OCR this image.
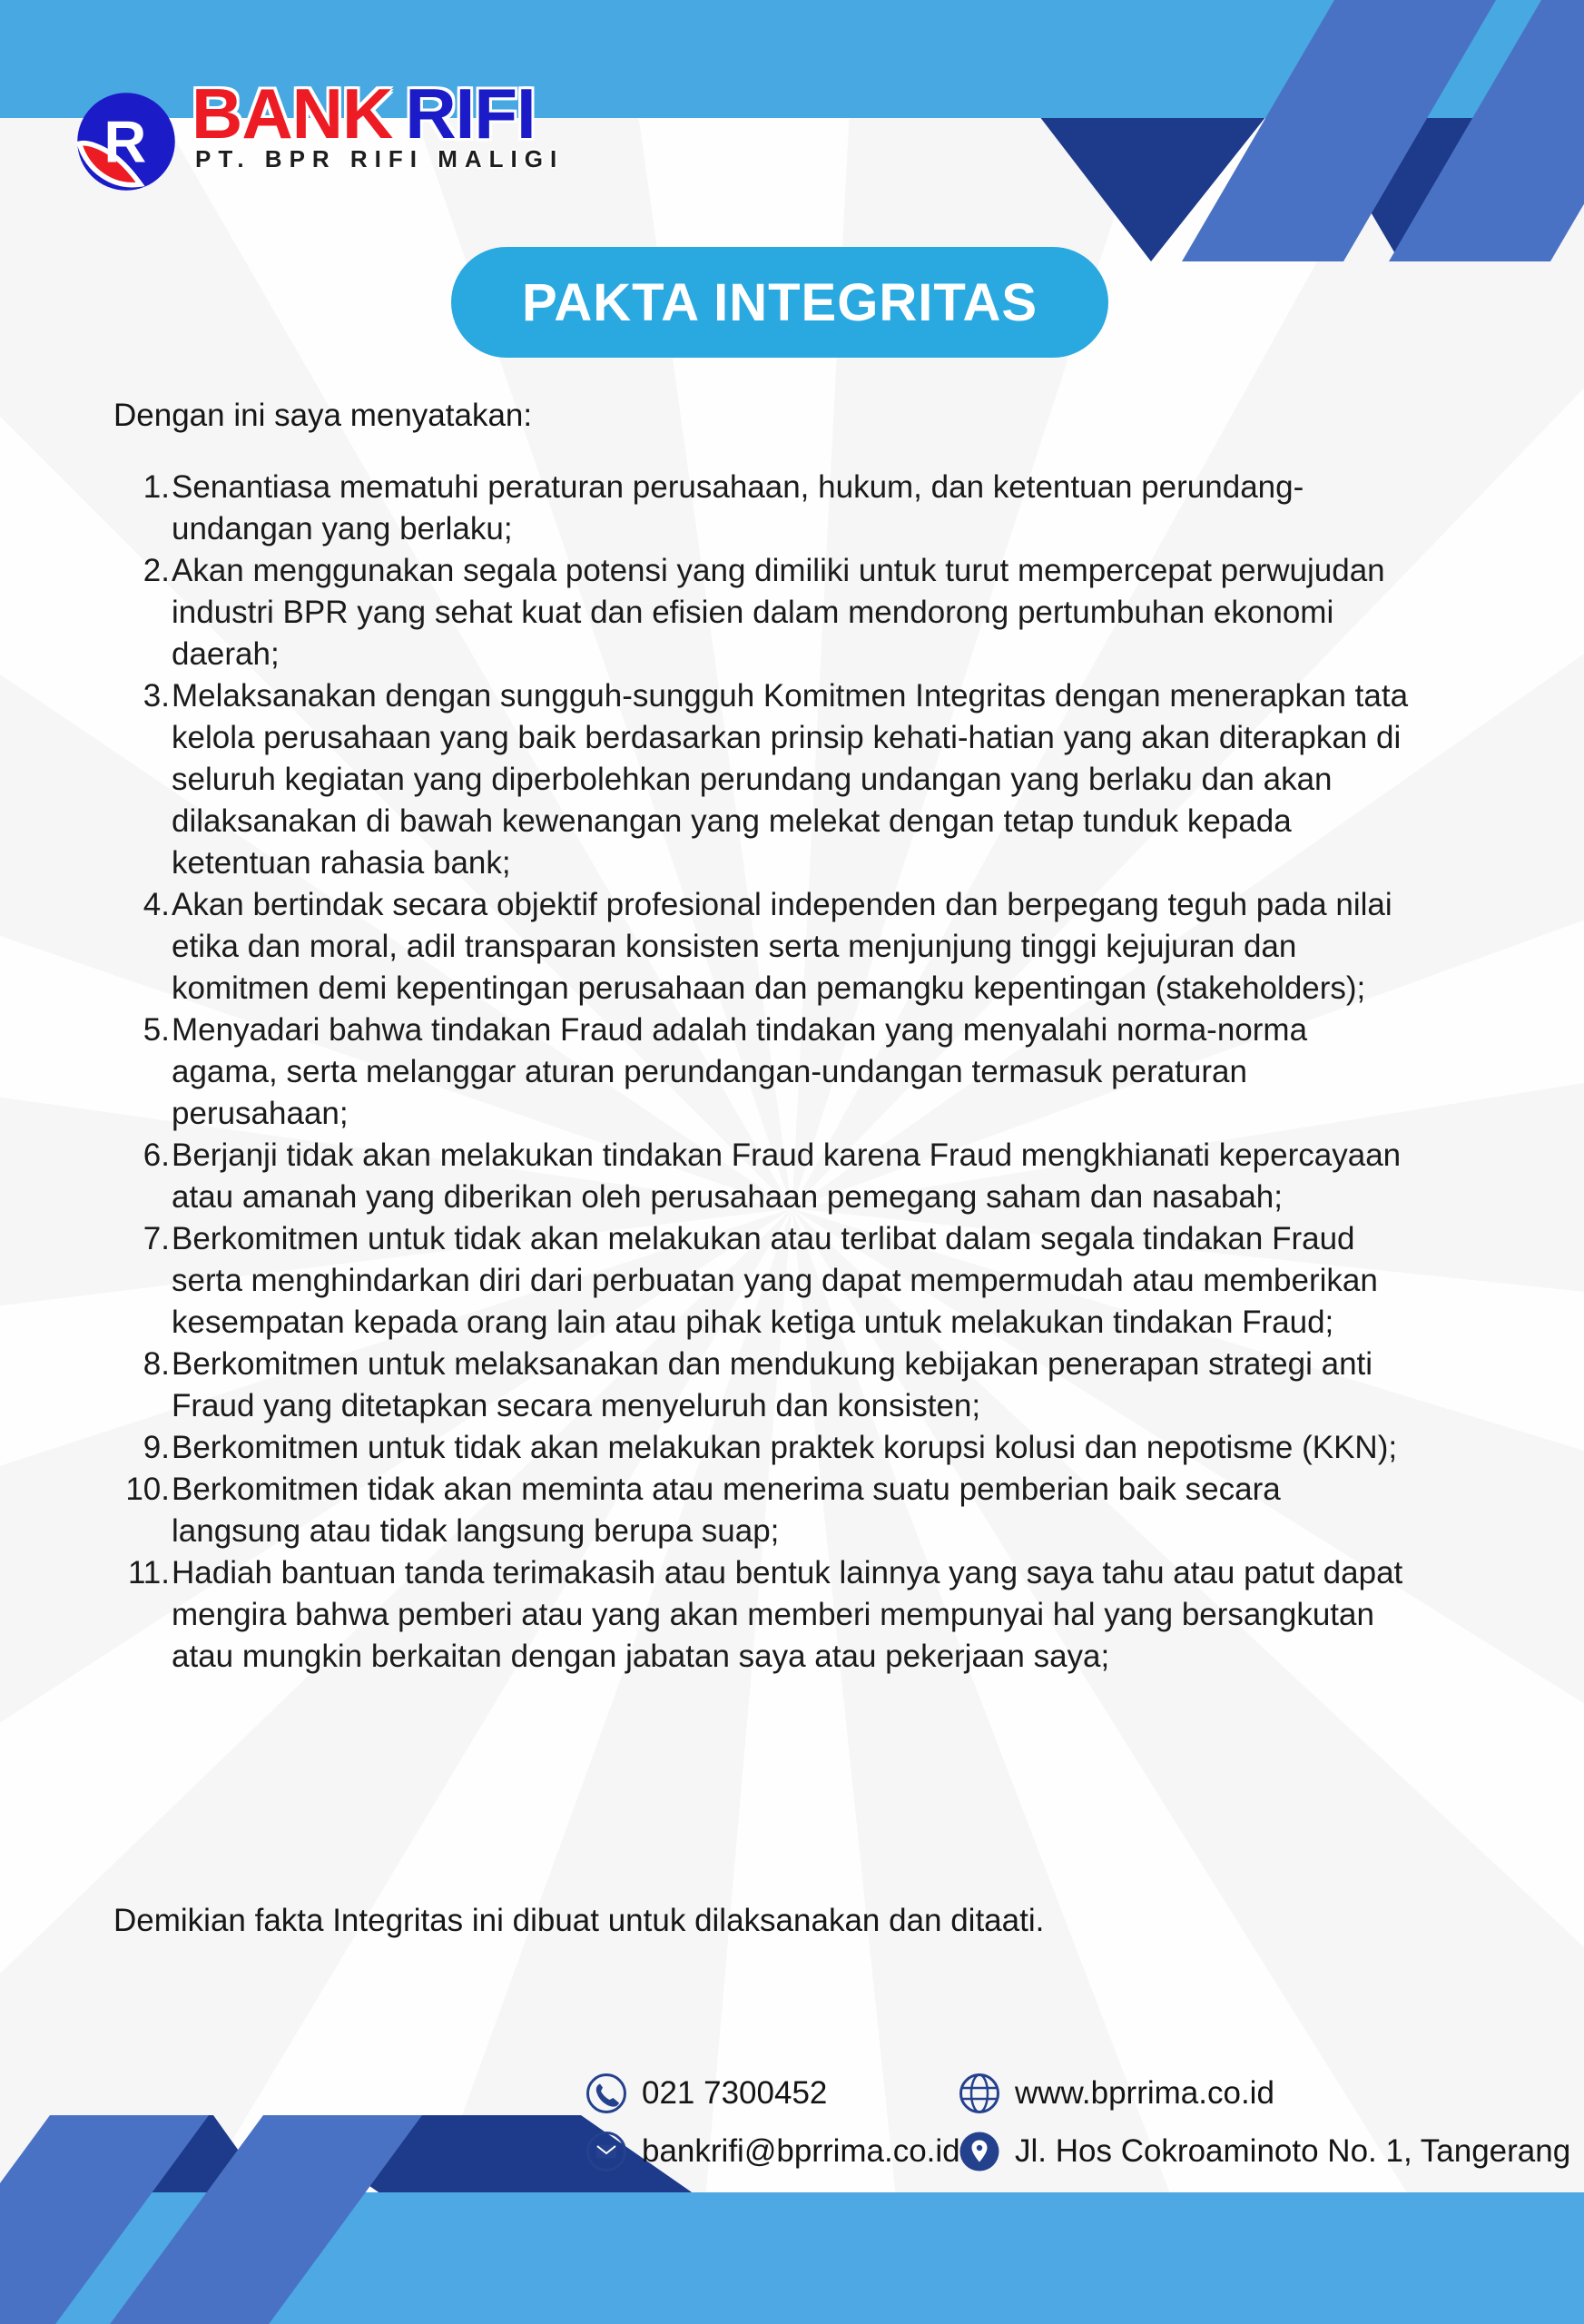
R BANK RIFI
PT. BPR RIFI MALIGI
PAKTA INTEGRITAS
Dengan ini saya menyatakan:
1. Senantiasa mematuhi peraturan perusahaan, hukum, dan ketentuan perundang-undangan yang berlaku;
2. Akan menggunakan segala potensi yang dimiliki untuk turut mempercepat perwujudan industri BPR yang sehat kuat dan efisien dalam mendorong pertumbuhan ekonomi daerah;
3. Melaksanakan dengan sungguh-sungguh Komitmen Integritas dengan menerapkan tata kelola perusahaan yang baik berdasarkan prinsip kehati-hatian yang akan diterapkan di seluruh kegiatan yang diperbolehkan perundang undangan yang berlaku dan akan dilaksanakan di bawah kewenangan yang melekat dengan tetap tunduk kepada ketentuan rahasia bank;
4. Akan bertindak secara objektif profesional independen dan berpegang teguh pada nilai etika dan moral, adil transparan konsisten serta menjunjung tinggi kejujuran dan komitmen demi kepentingan perusahaan dan pemangku kepentingan (stakeholders);
5. Menyadari bahwa tindakan Fraud adalah tindakan yang menyalahi norma-norma agama, serta melanggar aturan perundangan-undangan termasuk peraturan perusahaan;
6. Berjanji tidak akan melakukan tindakan Fraud karena Fraud mengkhianati kepercayaan atau amanah yang diberikan oleh perusahaan pemegang saham dan nasabah;
7. Berkomitmen untuk tidak akan melakukan atau terlibat dalam segala tindakan Fraud serta menghindarkan diri dari perbuatan yang dapat mempermudah atau memberikan kesempatan kepada orang lain atau pihak ketiga untuk melakukan tindakan Fraud;
8. Berkomitmen untuk melaksanakan dan mendukung kebijakan penerapan strategi anti Fraud yang ditetapkan secara menyeluruh dan konsisten;
9. Berkomitmen untuk tidak akan melakukan praktek korupsi kolusi dan nepotisme (KKN);
10. Berkomitmen tidak akan meminta atau menerima suatu pemberian baik secara langsung atau tidak langsung berupa suap;
11. Hadiah bantuan tanda terimakasih atau bentuk lainnya yang saya tahu atau patut dapat mengira bahwa pemberi atau yang akan memberi mempunyai hal yang bersangkutan atau mungkin berkaitan dengan jabatan saya atau pekerjaan saya;
Demikian fakta Integritas ini dibuat untuk dilaksanakan dan ditaati.
021 7300452
bankrifi@bprrima.co.id
www.bprrima.co.id
Jl. Hos Cokroaminoto No. 1, Tangerang
